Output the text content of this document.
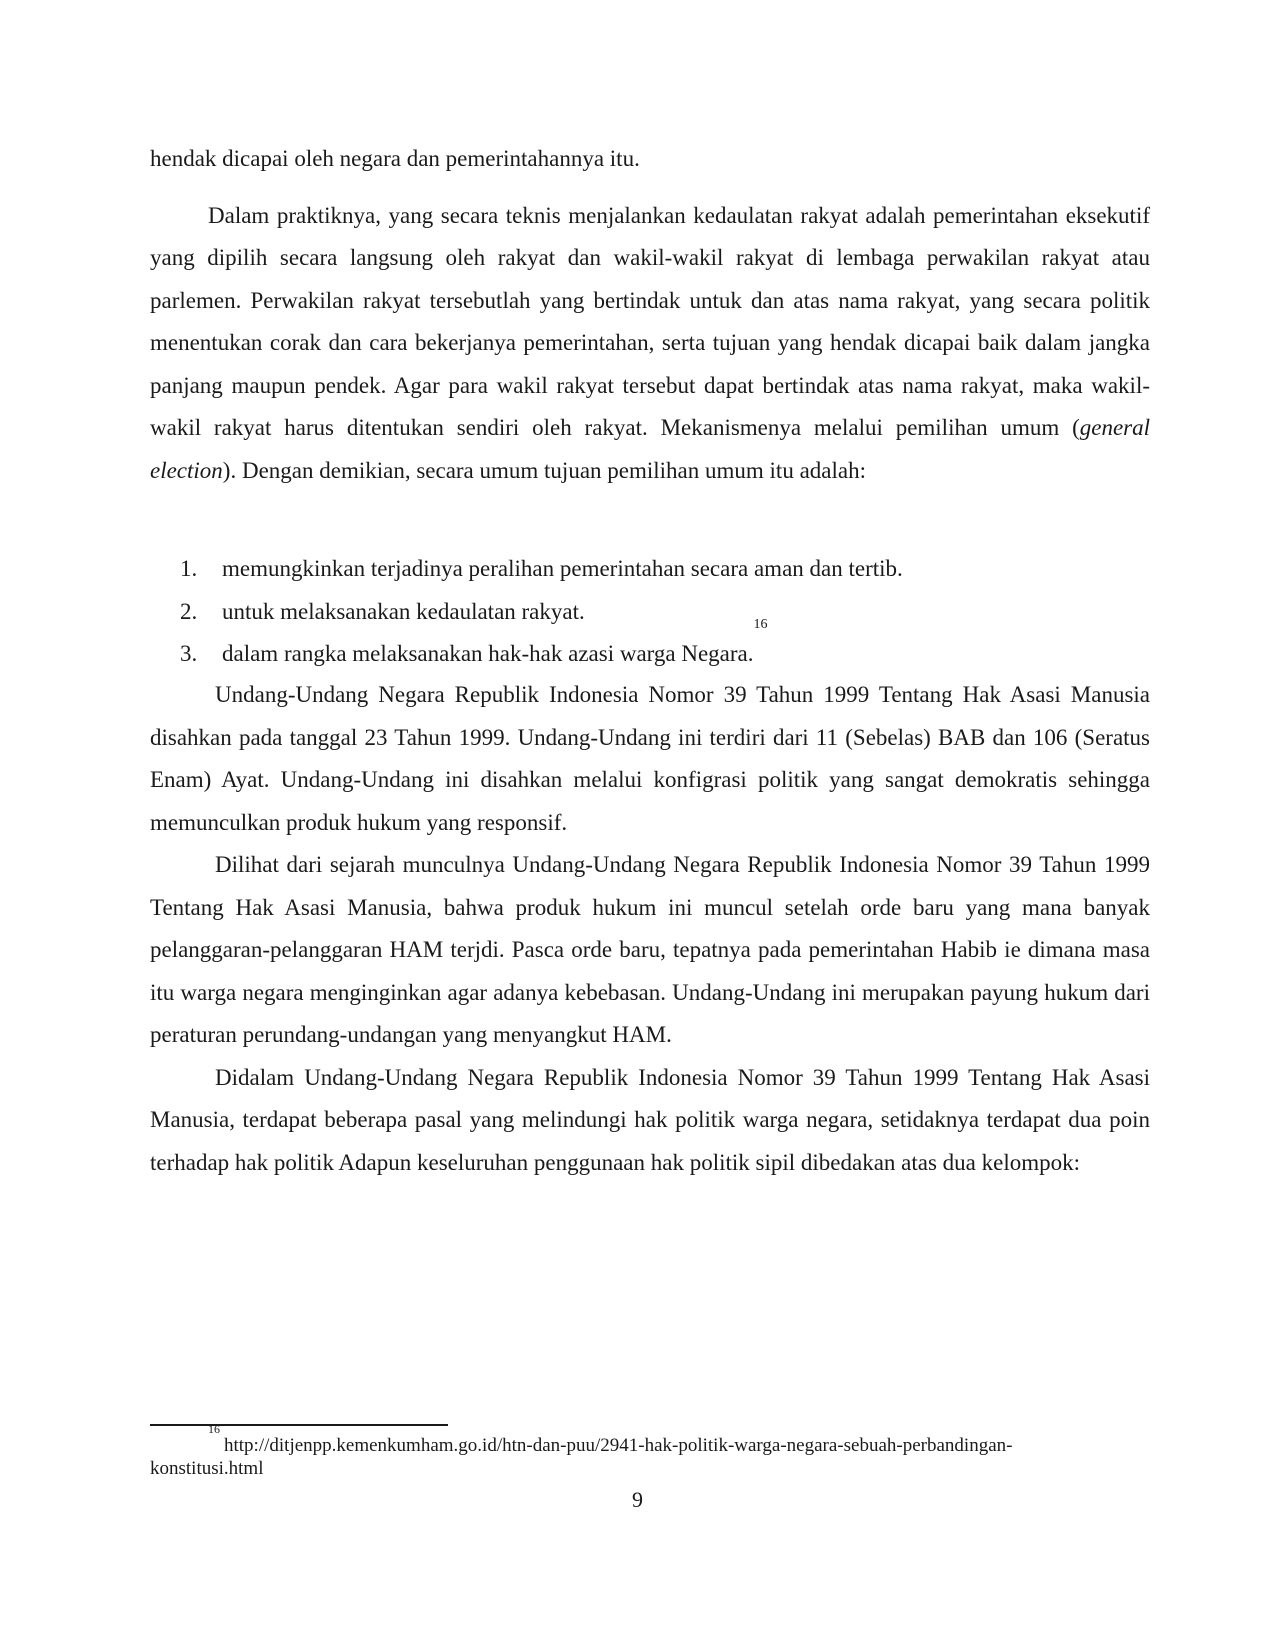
hendak dicapai oleh negara dan pemerintahannya itu.

Dalam praktiknya, yang secara teknis menjalankan kedaulatan rakyat adalah pemerintahan eksekutif yang dipilih secara langsung oleh rakyat dan wakil-wakil rakyat di lembaga perwakilan rakyat atau parlemen. Perwakilan rakyat tersebutlah yang bertindak untuk dan atas nama rakyat, yang secara politik menentukan corak dan cara bekerjanya pemerintahan, serta tujuan yang hendak dicapai baik dalam jangka panjang maupun pendek. Agar para wakil rakyat tersebut dapat bertindak atas nama rakyat, maka wakil-wakil rakyat harus ditentukan sendiri oleh rakyat. Mekanismenya melalui pemilihan umum (general election). Dengan demikian, secara umum tujuan pemilihan umum itu adalah:

1.	memungkinkan terjadinya peralihan pemerintahan secara aman dan tertib.
2.	untuk melaksanakan kedaulatan rakyat.
3.	dalam rangka melaksanakan hak-hak azasi warga Negara.$^{16}$

Undang-Undang Negara Republik Indonesia Nomor 39 Tahun 1999 Tentang Hak Asasi Manusia disahkan pada tanggal 23 Tahun 1999. Undang-Undang ini terdiri dari 11 (Sebelas) BAB dan 106 (Seratus Enam) Ayat. Undang-Undang ini disahkan melalui konfigrasi politik yang sangat demokratis sehingga memunculkan produk hukum yang responsif.

Dilihat dari sejarah munculnya Undang-Undang Negara Republik Indonesia Nomor 39 Tahun 1999 Tentang Hak Asasi Manusia, bahwa produk hukum ini muncul setelah orde baru yang mana banyak pelanggaran-pelanggaran HAM terjdi. Pasca orde baru, tepatnya pada pemerintahan Habib ie dimana masa itu warga negara menginginkan agar adanya kebebasan. Undang-Undang ini merupakan payung hukum dari peraturan perundang-undangan yang menyangkut HAM.

Didalam Undang-Undang Negara Republik Indonesia Nomor 39 Tahun 1999 Tentang Hak Asasi Manusia, terdapat beberapa pasal yang melindungi hak politik warga negara, setidaknya terdapat dua poin terhadap hak politik Adapun keseluruhan penggunaan hak politik sipil dibedakan atas dua kelompok:

$^{16}$http://ditjenpp.kemenkumham.go.id/htn-dan-puu/2941-hak-politik-warga-negara-sebuah-perbandingan-
konstitusi.html
9
